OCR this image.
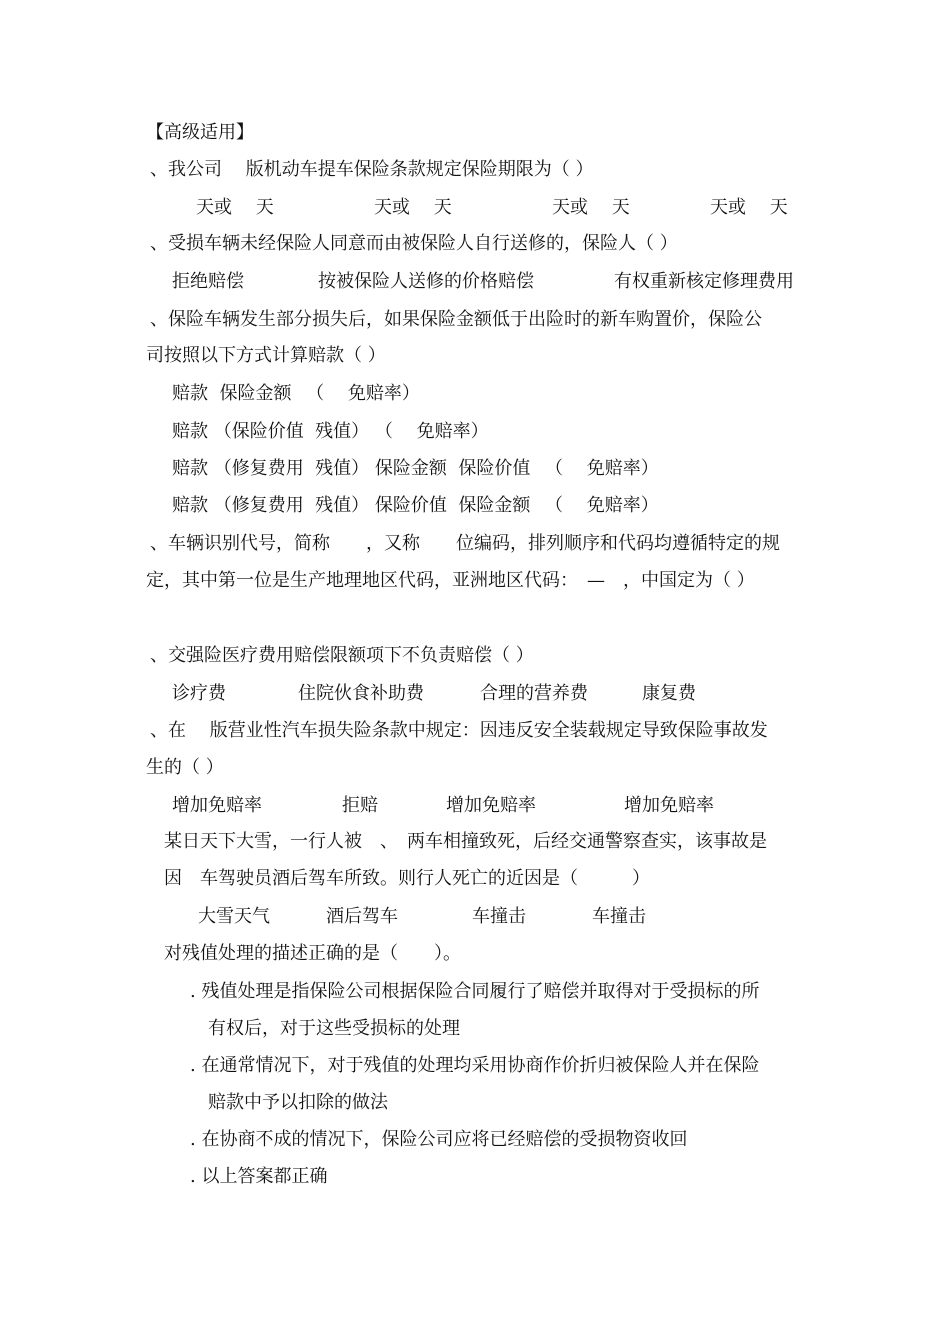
【高级适用】
、我公司　 版机动车提车保险条款规定保险期限为（ ）
天或　 天	天或　 天	天或　 天	天或　 天
、受损车辆未经保险人同意而由被保险人自行送修的，保险人（ ）
拒绝赔偿	按被保险人送修的价格赔偿	有权重新核定修理费用
、保险车辆发生部分损失后，如果保险金额低于出险时的新车购置价，保险公
司按照以下方式计算赔款（ ）
赔款  保险金额 　（　 免赔率）
赔款 （保险价值  残值） （　 免赔率）
赔款 （修复费用  残值） 保险金额  保险价值 　（　 免赔率）
赔款 （修复费用  残值） 保险价值  保险金额 　（　 免赔率）
、车辆识别代号，简称　　，又称　　位编码，排列顺序和代码均遵循特定的规
定，其中第一位是生产地理地区代码，亚洲地区代码：　—　，中国定为（ ）
、交强险医疗费用赔偿限额项下不负责赔偿（ ）
诊疗费	住院伙食补助费	合理的营养费	康复费
、在　 版营业性汽车损失险条款中规定：因违反安全装载规定导致保险事故发
生的（ ）
增加免赔率	拒赔	增加免赔率	增加免赔率
某日天下大雪，一行人被　、　两车相撞致死，后经交通警察查实，该事故是
因　车驾驶员酒后驾车所致。则行人死亡的近因是（　　　）
大雪天气	酒后驾车	车撞击	车撞击
对残值处理的描述正确的是（　　）。
. 残值处理是指保险公司根据保险合同履行了赔偿并取得对于受损标的所
有权后，对于这些受损标的处理
. 在通常情况下，对于残值的处理均采用协商作价折归被保险人并在保险
赔款中予以扣除的做法
. 在协商不成的情况下，保险公司应将已经赔偿的受损物资收回
. 以上答案都正确
